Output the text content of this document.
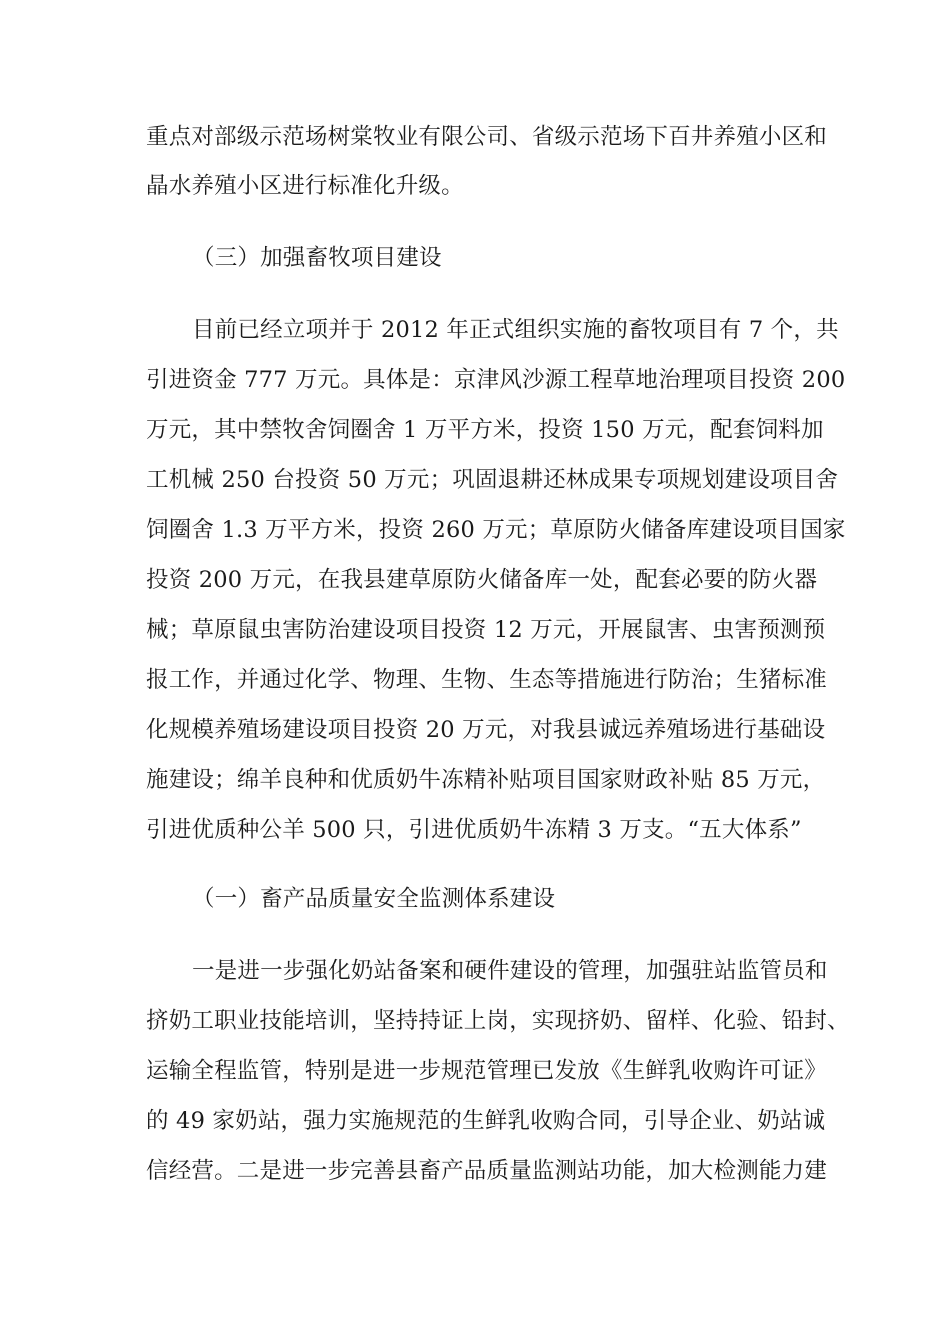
重点对部级示范场树棠牧业有限公司、省级示范场下百井养殖小区和
晶水养殖小区进行标准化升级。
（三）加强畜牧项目建设
目前已经立项并于 2012 年正式组织实施的畜牧项目有 7 个，共
引进资金 777 万元。具体是：京津风沙源工程草地治理项目投资 200
万元，其中禁牧舍饲圈舍 1 万平方米，投资 150 万元，配套饲料加
工机械 250 台投资 50 万元；巩固退耕还林成果专项规划建设项目舍
饲圈舍 1.3 万平方米，投资 260 万元；草原防火储备库建设项目国家
投资 200 万元，在我县建草原防火储备库一处，配套必要的防火器
械；草原鼠虫害防治建设项目投资 12 万元，开展鼠害、虫害预测预
报工作，并通过化学、物理、生物、生态等措施进行防治；生猪标准
化规模养殖场建设项目投资 20 万元，对我县诚远养殖场进行基础设
施建设；绵羊良种和优质奶牛冻精补贴项目国家财政补贴 85 万元，
引进优质种公羊 500 只，引进优质奶牛冻精 3 万支。“五大体系”
（一）畜产品质量安全监测体系建设
一是进一步强化奶站备案和硬件建设的管理，加强驻站监管员和
挤奶工职业技能培训，坚持持证上岗，实现挤奶、留样、化验、铅封、
运输全程监管，特别是进一步规范管理已发放《生鲜乳收购许可证》
的 49 家奶站，强力实施规范的生鲜乳收购合同，引导企业、奶站诚
信经营。二是进一步完善县畜产品质量监测站功能，加大检测能力建
